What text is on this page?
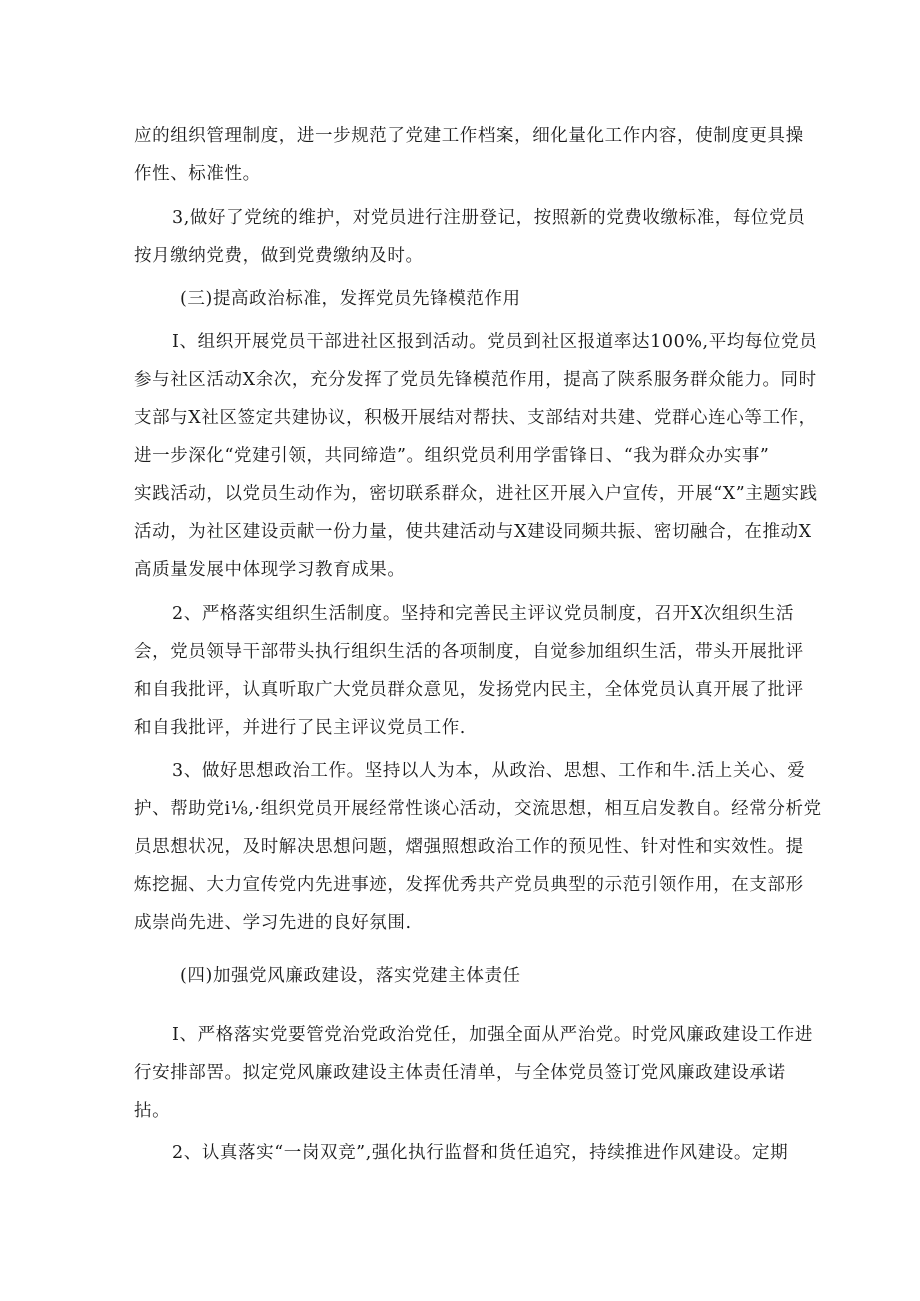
应的组织管理制度，进一步规范了党建工作档案，细化量化工作内容，使制度更具操
作性、标准性。
3,做好了党统的维护，对党员进行注册登记，按照新的党费收缴标准，每位党员
按月缴纳党费，做到党费缴纳及时。
(三)提高政治标准，发挥党员先锋模范作用
I、组织开展党员干部进社区报到活动。党员到社区报道率达100%,平均每位党员
参与社区活动X余次，充分发挥了党员先锋模范作用，提高了陕系服务群众能力。同时
支部与X社区签定共建协议，积极开展结对帮扶、支部结对共建、党群心连心等工作，
进一步深化“党建引领，共同缔造”。组织党员利用学雷锋日、“我为群众办实事”
实践活动，以党员生动作为，密切联系群众，进社区开展入户宣传，开展“X”主题实践
活动，为社区建设贡献一份力量，使共建活动与X建设同频共振、密切融合，在推动X
高质量发展中体现学习教育成果。
2、严格落实组织生活制度。坚持和完善民主评议党员制度，召开X次组织生活
会，党员领导干部带头执行组织生活的各项制度，自觉参加组织生活，带头开展批评
和自我批评，认真听取广大党员群众意见，发扬党内民主，全体党员认真开展了批评
和自我批评，并进行了民主评议党员工作.
3、做好思想政治工作。坚持以人为本，从政治、思想、工作和牛.活上关心、爱
护、帮助党i⅛,·组织党员开展经常性谈心活动，交流思想，相互启发教自。经常分析党
员思想状况，及时解决思想问题，熠强照想政治工作的预见性、针对性和实效性。提
炼挖掘、大力宣传党内先进事迹，发挥优秀共产党员典型的示范引领作用，在支部形
成崇尚先进、学习先进的良好氛围.
(四)加强党风廉政建设，落实党建主体责任
I、严格落实党要管党治党政治党任，加强全面从严治党。时党风廉政建设工作进
行安排部罟。拟定党风廉政建设主体责任清单，与全体党员签订党风廉政建设承诺
拈。
2、认真落实“一岗双竞”,强化执行监督和货任追究，持续推进作风建设。定期
